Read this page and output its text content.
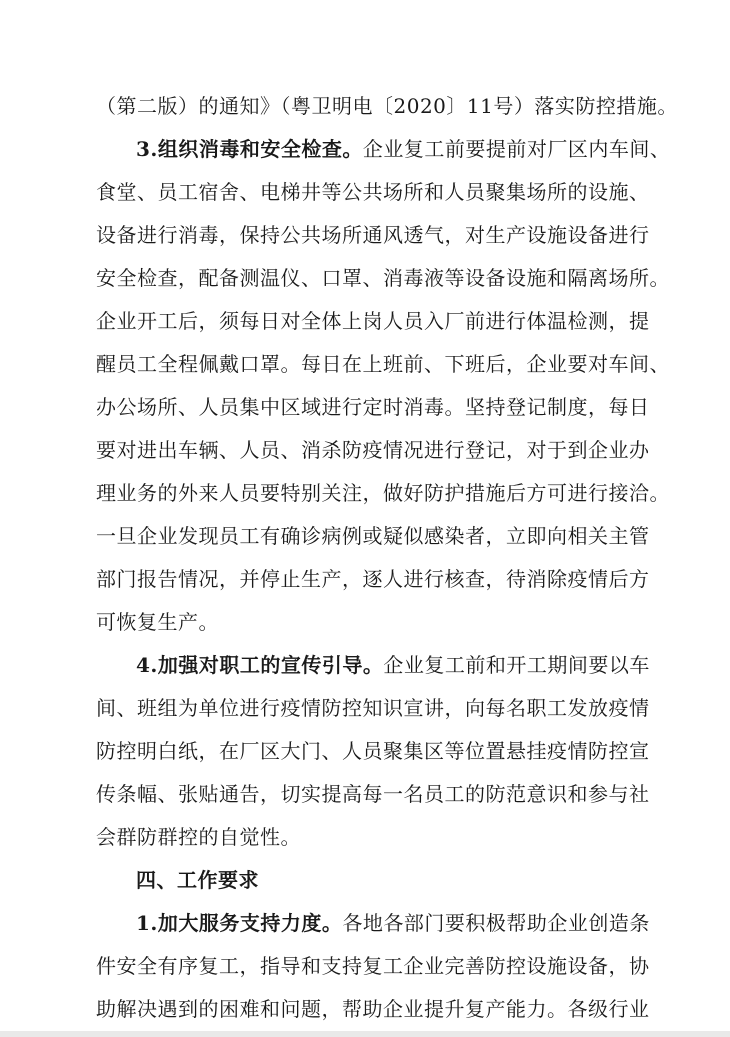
（第二版）的通知》（粤卫明电〔2020〕11号）落实防控措施。
3.组织消毒和安全检查。企业复工前要提前对厂区内车间、
食堂、员工宿舍、电梯井等公共场所和人员聚集场所的设施、
设备进行消毒，保持公共场所通风透气，对生产设施设备进行
安全检查，配备测温仪、口罩、消毒液等设备设施和隔离场所。
企业开工后，须每日对全体上岗人员入厂前进行体温检测，提
醒员工全程佩戴口罩。每日在上班前、下班后，企业要对车间、
办公场所、人员集中区域进行定时消毒。坚持登记制度，每日
要对进出车辆、人员、消杀防疫情况进行登记，对于到企业办
理业务的外来人员要特别关注，做好防护措施后方可进行接洽。
一旦企业发现员工有确诊病例或疑似感染者，立即向相关主管
部门报告情况，并停止生产，逐人进行核查，待消除疫情后方
可恢复生产。
4.加强对职工的宣传引导。企业复工前和开工期间要以车
间、班组为单位进行疫情防控知识宣讲，向每名职工发放疫情
防控明白纸，在厂区大门、人员聚集区等位置悬挂疫情防控宣
传条幅、张贴通告，切实提高每一名员工的防范意识和参与社
会群防群控的自觉性。
四、工作要求
1.加大服务支持力度。各地各部门要积极帮助企业创造条
件安全有序复工，指导和支持复工企业完善防控设施设备，协
助解决遇到的困难和问题，帮助企业提升复产能力。各级行业
